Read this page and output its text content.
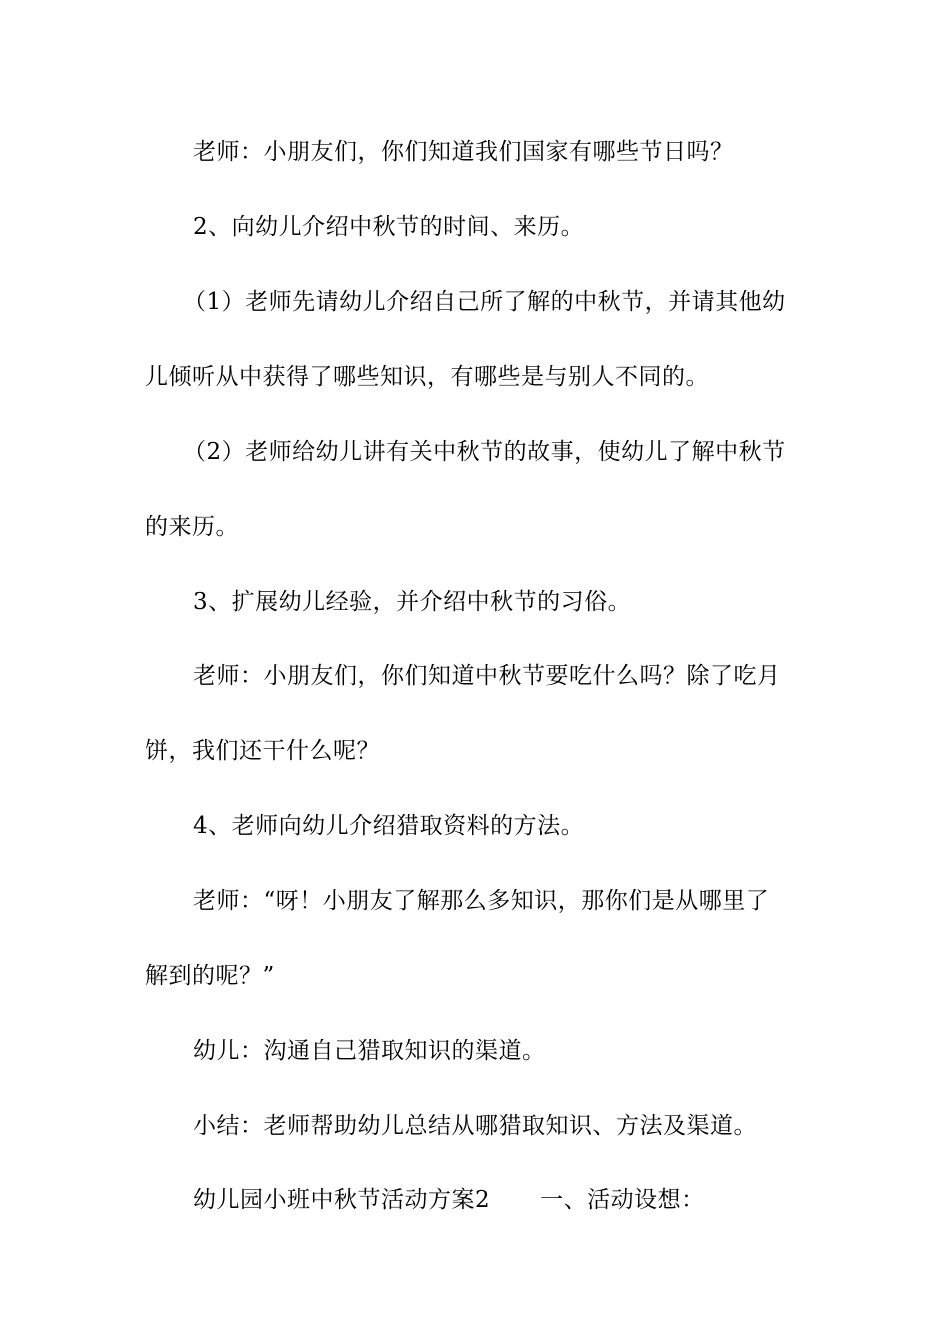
老师：小朋友们，你们知道我们国家有哪些节日吗？
2、向幼儿介绍中秋节的时间、来历。
（1）老师先请幼儿介绍自己所了解的中秋节，并请其他幼
儿倾听从中获得了哪些知识，有哪些是与别人不同的。
（2）老师给幼儿讲有关中秋节的故事，使幼儿了解中秋节
的来历。
3、扩展幼儿经验，并介绍中秋节的习俗。
老师：小朋友们，你们知道中秋节要吃什么吗？除了吃月
饼，我们还干什么呢？
4、老师向幼儿介绍猎取资料的方法。
老师：“呀！小朋友了解那么多知识，那你们是从哪里了
解到的呢？”
幼儿：沟通自己猎取知识的渠道。
小结：老师帮助幼儿总结从哪猎取知识、方法及渠道。
幼儿园小班中秋节活动方案2 一、活动设想：
